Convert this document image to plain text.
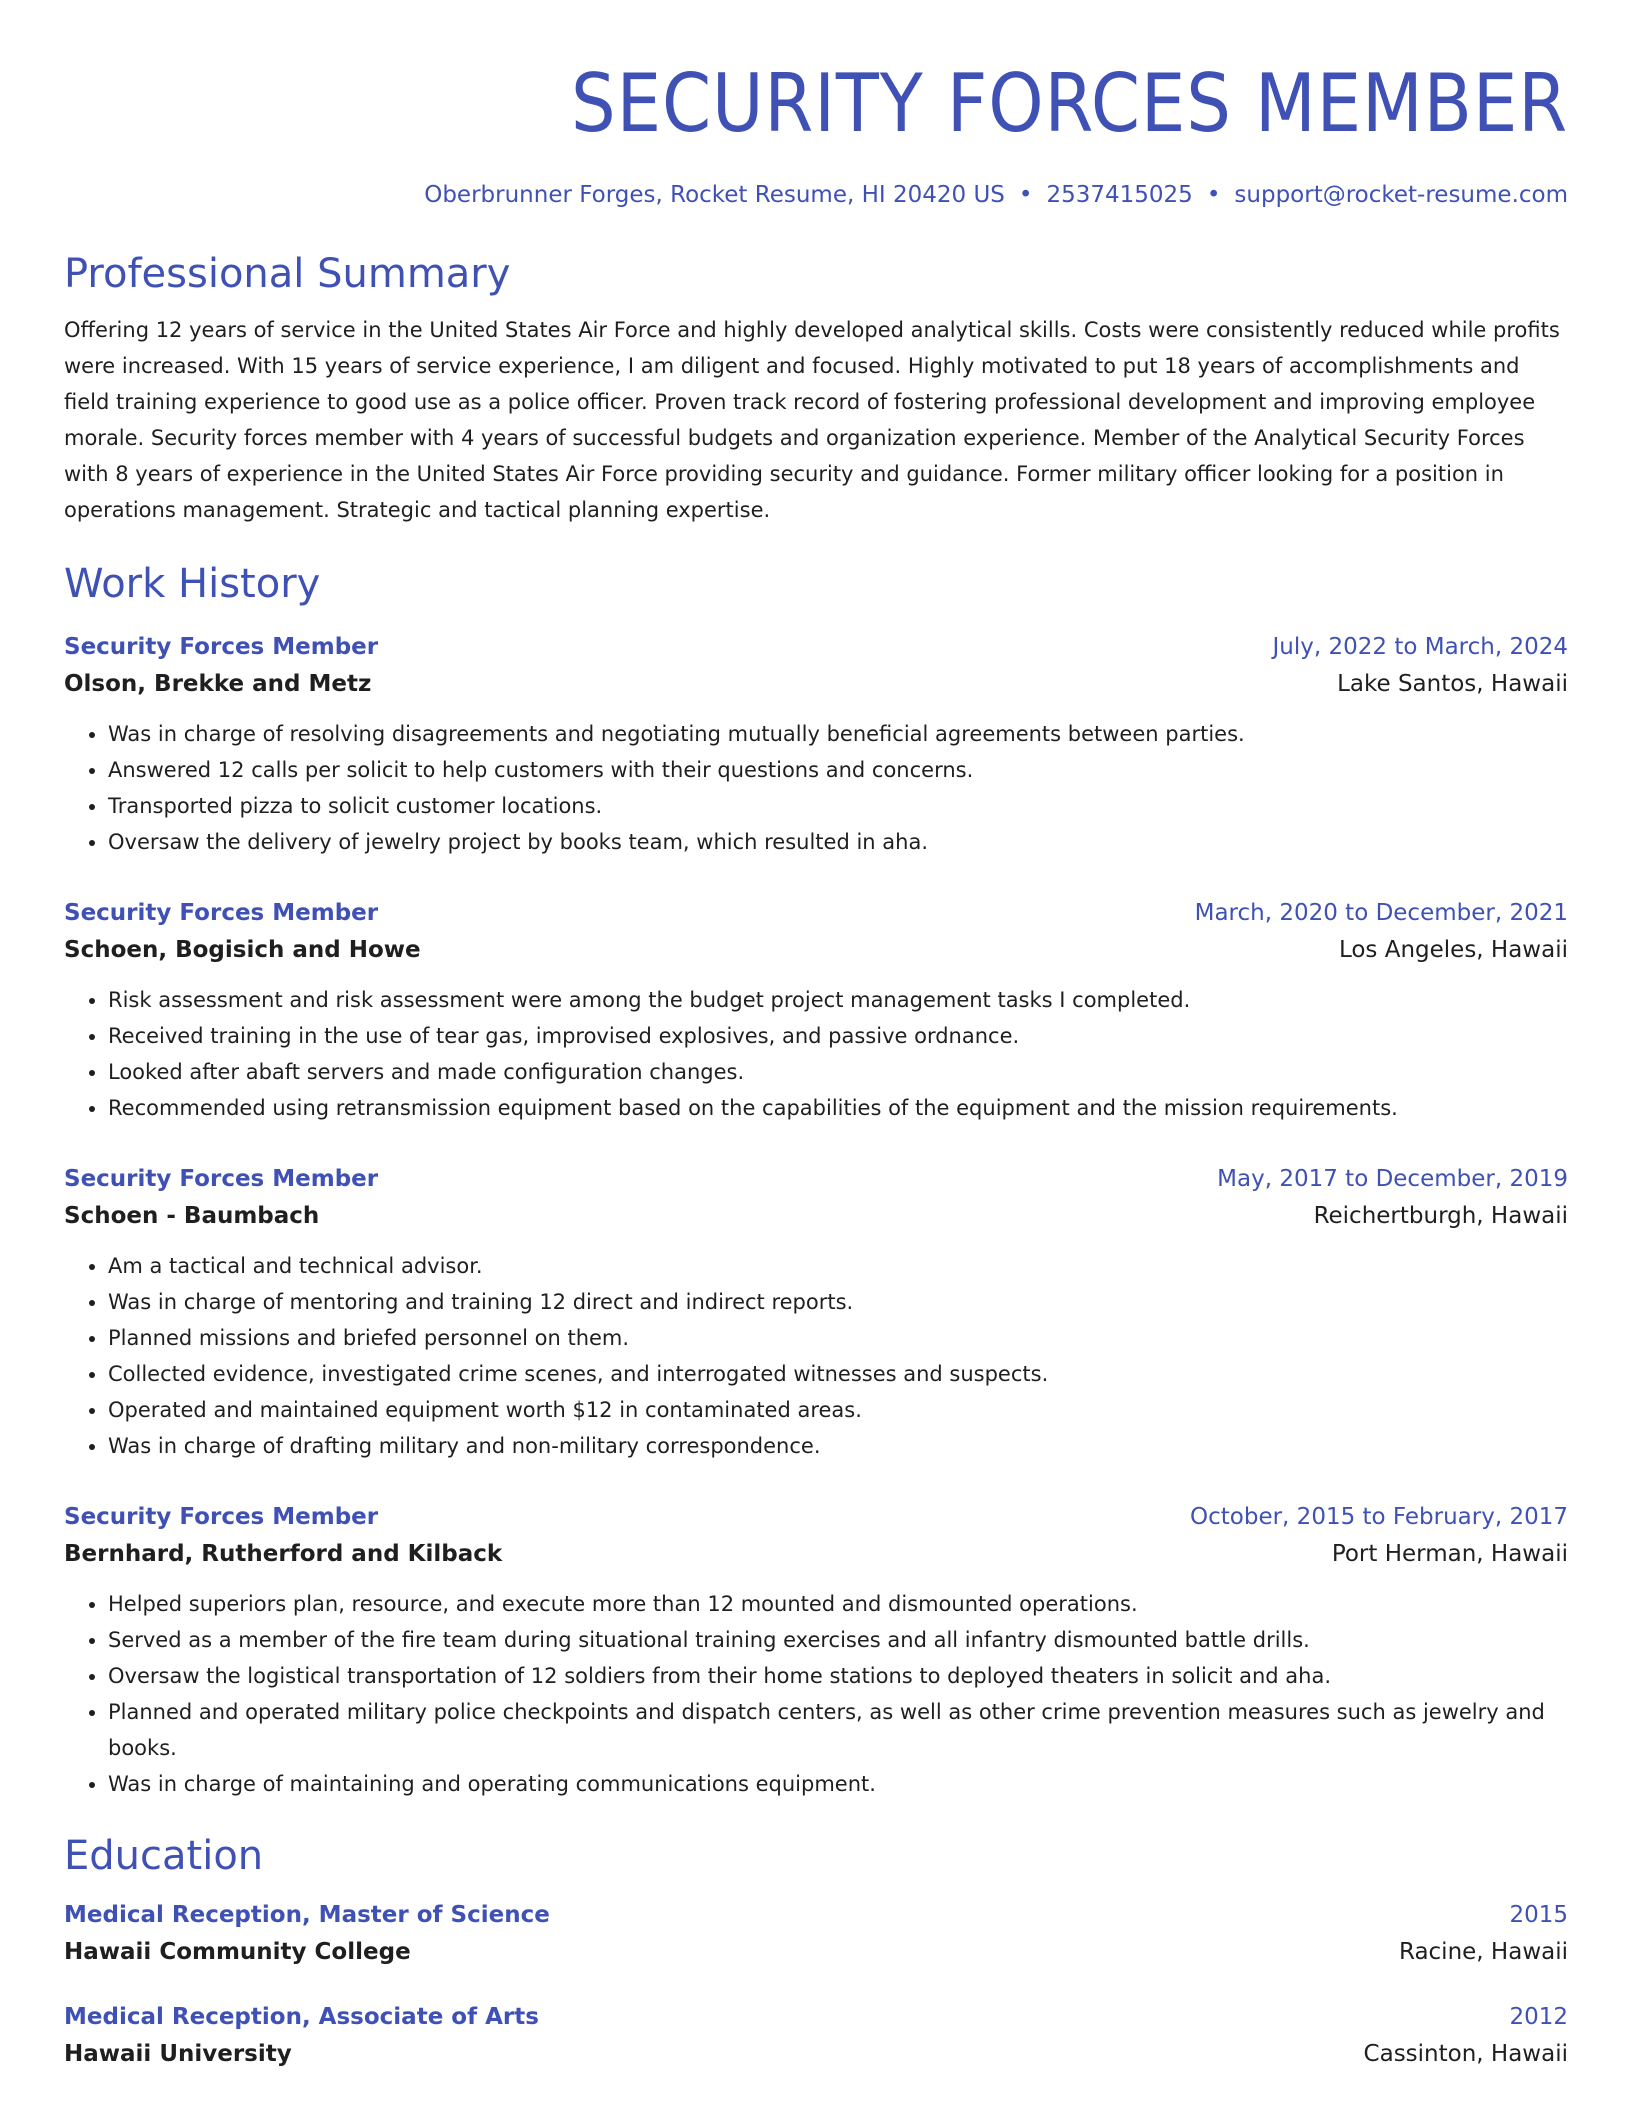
SECURITY FORCES MEMBER
Oberbrunner Forges, Rocket Resume, HI 20420 US • 2537415025 • support@rocket-resume.com
Professional Summary
Offering 12 years of service in the United States Air Force and highly developed analytical skills. Costs were consistently reduced while profits were increased. With 15 years of service experience, I am diligent and focused. Highly motivated to put 18 years of accomplishments and field training experience to good use as a police officer. Proven track record of fostering professional development and improving employee morale. Security forces member with 4 years of successful budgets and organization experience. Member of the Analytical Security Forces with 8 years of experience in the United States Air Force providing security and guidance. Former military officer looking for a position in operations management. Strategic and tactical planning expertise.
Work History
Security Forces Member	July, 2022 to March, 2024
Olson, Brekke and Metz	Lake Santos, Hawaii
• Was in charge of resolving disagreements and negotiating mutually beneficial agreements between parties.
• Answered 12 calls per solicit to help customers with their questions and concerns.
• Transported pizza to solicit customer locations.
• Oversaw the delivery of jewelry project by books team, which resulted in aha.
Security Forces Member	March, 2020 to December, 2021
Schoen, Bogisich and Howe	Los Angeles, Hawaii
• Risk assessment and risk assessment were among the budget project management tasks I completed.
• Received training in the use of tear gas, improvised explosives, and passive ordnance.
• Looked after abaft servers and made configuration changes.
• Recommended using retransmission equipment based on the capabilities of the equipment and the mission requirements.
Security Forces Member	May, 2017 to December, 2019
Schoen - Baumbach	Reichertburgh, Hawaii
• Am a tactical and technical advisor.
• Was in charge of mentoring and training 12 direct and indirect reports.
• Planned missions and briefed personnel on them.
• Collected evidence, investigated crime scenes, and interrogated witnesses and suspects.
• Operated and maintained equipment worth $12 in contaminated areas.
• Was in charge of drafting military and non-military correspondence.
Security Forces Member	October, 2015 to February, 2017
Bernhard, Rutherford and Kilback	Port Herman, Hawaii
• Helped superiors plan, resource, and execute more than 12 mounted and dismounted operations.
• Served as a member of the fire team during situational training exercises and all infantry dismounted battle drills.
• Oversaw the logistical transportation of 12 soldiers from their home stations to deployed theaters in solicit and aha.
• Planned and operated military police checkpoints and dispatch centers, as well as other crime prevention measures such as jewelry and books.
• Was in charge of maintaining and operating communications equipment.
Education
Medical Reception, Master of Science	2015
Hawaii Community College	Racine, Hawaii
Medical Reception, Associate of Arts	2012
Hawaii University	Cassinton, Hawaii
